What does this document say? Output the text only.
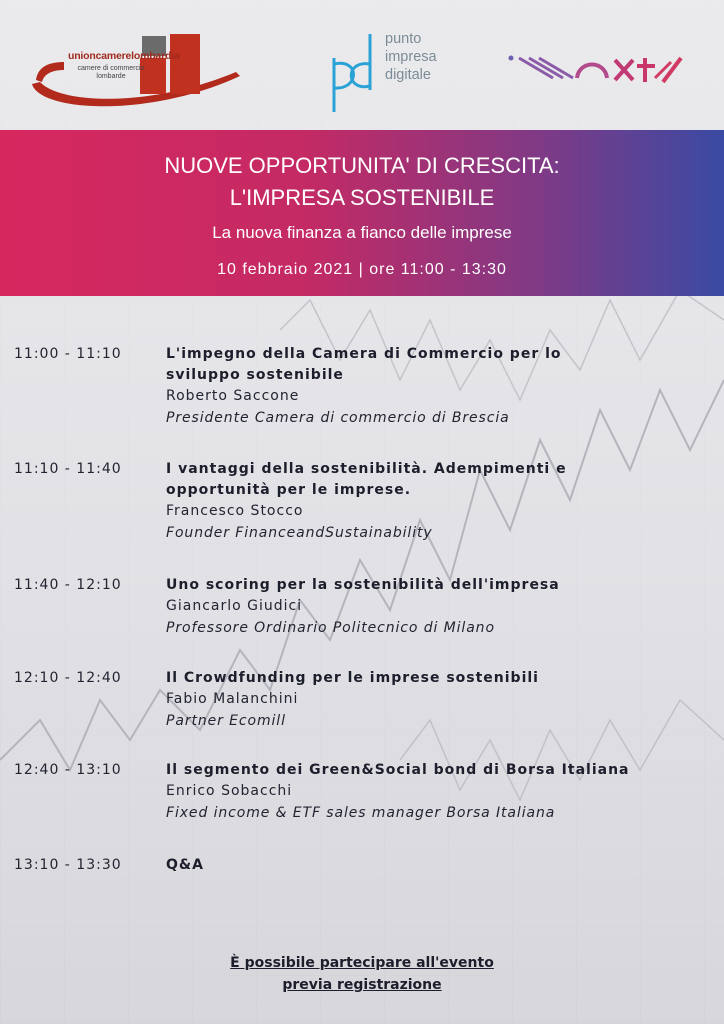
unioncamerelombardia
camere di commercio
lombarde
punto
impresa
digitale
NUOVE OPPORTUNITA' DI CRESCITA:
L'IMPRESA SOSTENIBILE
La nuova finanza a fianco delle imprese
10 febbraio 2021 | ore 11:00 - 13:30
11:00 - 11:10	L'impegno della Camera di Commercio per lo
sviluppo sostenibile
Roberto Saccone
Presidente Camera di commercio di Brescia
11:10 - 11:40	I vantaggi della sostenibilità. Adempimenti e
opportunità per le imprese.
Francesco Stocco
Founder FinanceandSustainability
11:40 - 12:10	Uno scoring per la sostenibilità dell'impresa
Giancarlo Giudici
Professore Ordinario Politecnico di Milano
12:10 - 12:40	Il Crowdfunding per le imprese sostenibili
Fabio Malanchini
Partner Ecomill
12:40 - 13:10	Il segmento dei Green&Social bond di Borsa Italiana
Enrico Sobacchi
Fixed income & ETF sales manager Borsa Italiana
13:10 - 13:30	Q&A
È possibile partecipare all'evento
previa registrazione
